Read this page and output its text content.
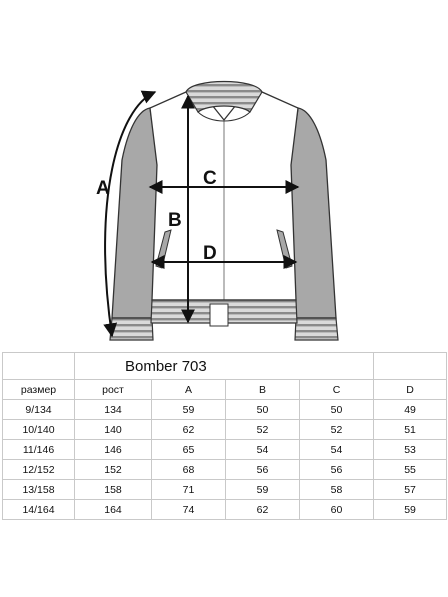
A
B
C
D
	Bomber 703				
размер	рост	A	B	C	D
9/134	134	59	50	50	49
10/140	140	62	52	52	51
11/146	146	65	54	54	53
12/152	152	68	56	56	55
13/158	158	71	59	58	57
14/164	164	74	62	60	59
